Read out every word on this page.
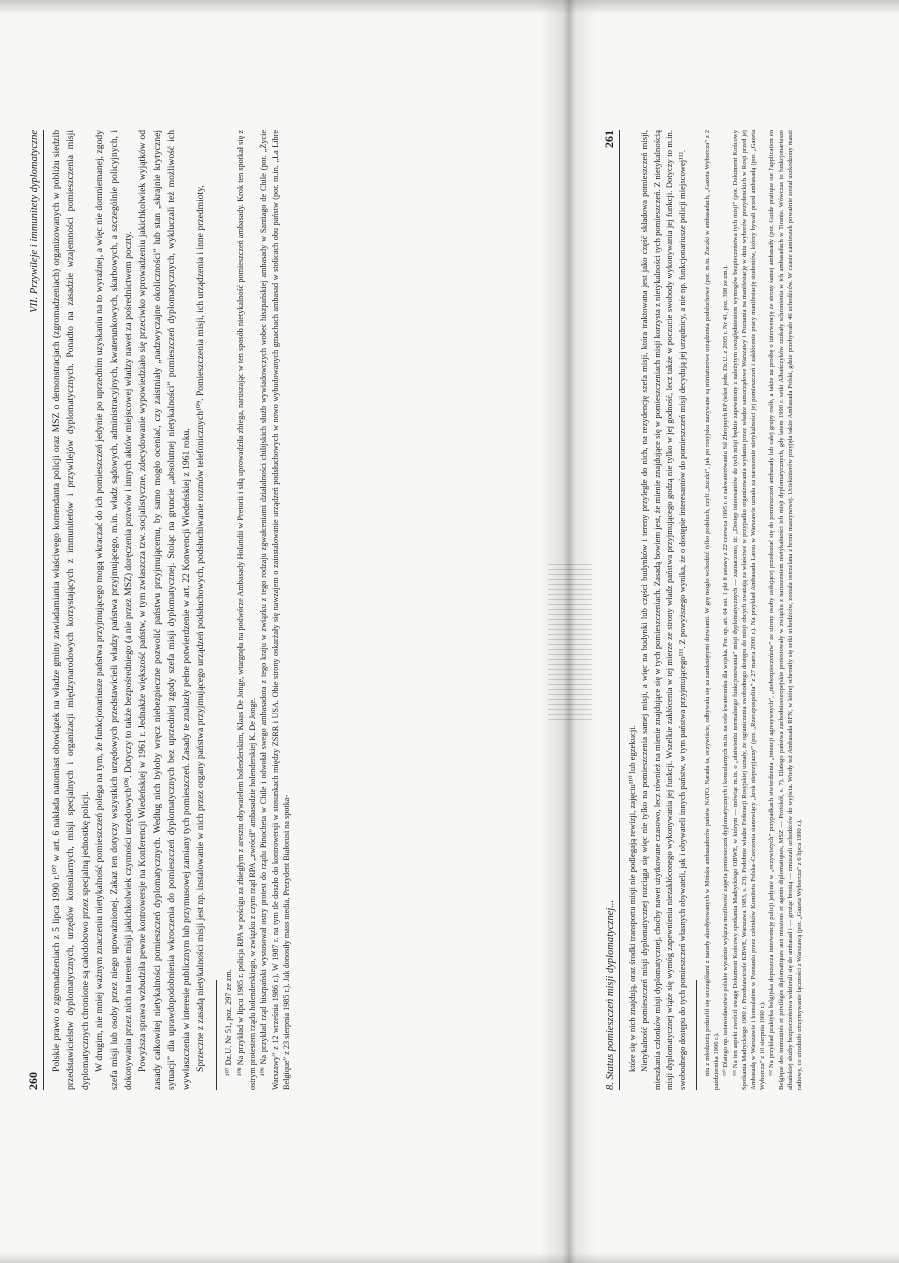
260
VII. Przywileje i immunitety dyplomatyczne Polskie prawo o zgromadzeniach z 5 lipca 1990 r.¹⁰⁷ w art. 6 nakłada natomiast obowiązek na władze gminy zawiadamiania właściwego komendanta policji oraz MSZ o demonstracjach (zgromadzeniach) organizowanych w pobliżu siedzib przedstawicielstw dyplomatycznych, urzędów konsularnych, misji specjalnych i organizacji międzynarodowych korzystających z immunitetów i przywilejów dyplomatycznych. Ponadto na zasadzie wzajemności pomieszczenia misji dyplomatycznych chronione są całodobowo przez specjalną jednostkę policji. W drugim, nie mniej ważnym znaczeniu nietykalność pomieszczeń polega na tym, że funkcjonariusze państwa przyjmującego mogą wkraczać do ich pomieszczeń jedynie po uprzednim uzyskaniu na to wyraźnej, a więc nie domniemanej, zgody szefa misji lub osoby przez niego upoważnionej. Zakaz ten dotyczy wszystkich urzędowych przedstawicieli władzy państwa przyjmującego, m.in. władz sądowych, administracyjnych, kwaterunkowych, skarbowych, a szczególnie policyjnych, i dokonywania przez nich na terenie misji jakichkolwiek czynności urzędowych¹⁰⁸. Dotyczy to także bezpośredniego (a nie przez MSZ) doręczenia pozwów i innych aktów miejscowej władzy nawet za pośrednictwem poczty. Powyższa sprawa wzbudziła pewne kontrowersje na Konferencji Wiedeńskiej w 1961 r. Jednakże większość państw, w tym zwłaszcza tzw. socjalistyczne, zdecydowanie wypowiedziało się przeciwko wprowadzeniu jakichkolwiek wyjątków od zasady całkowitej nietykalności pomieszczeń dyplomatycznych. Według nich byłoby wręcz niebezpieczne pozwolić państwu przyjmującemu, by samo mogło oceniać, czy zaistniały „nadzwyczajne okoliczności” lub stan „skrajnie krytycznej sytuacji” dla uprawdopodobnienia wkroczenia do pomieszczeń dyplomatycznych bez uprzedniej zgody szefa misji dyplomatycznej. Stoiąc na gruncie „absolutnej nietykalności” pomieszczeń dyplomatycznych, wykluczali też możliwość ich wywłaszczenia w interesie publicznym lub przymusowej zamiany tych pomieszczeń. Zasady te znalazły pełne potwierdzenie w art. 22 Konwencji Wiedeńskiej z 1961 roku. Sprzeczne z zasadą nietykalności misji jest np. instalowanie w nich przez organy państwa przyjmującego urządzeń podsłuchowych, podsłuchiwanie rozmów telefonicznych¹⁰⁹. Pomieszczenia misji, ich urządzenia i inne przedmioty, ¹⁰⁷ Dz.U. Nr 51, poz. 297 ze zm. ¹⁰⁸ Na przykład w lipcu 1985 r. policja RPA w pościgu za zbiegłym z aresztu obywatelem holenderskim, Klaas De Jonge, wtargnęła na podwórze Ambasady Holandii w Pretorii i siłą uprowadziła zbiega, naruszając w ten sposób nietykalność pomieszczeń ambasady. Krok ten spotkał się z ostrym protestem rządu holenderskiego, w związku z czym rząd RPA „zwrócił” ambasadzie holenderskiej K. De Jonge. ¹⁰⁹ Na przykład rząd hiszpański wystosował ostry protest do rządu Pinocheta w Chile i odwołał swego ambasadora z tego kraju w związku z tego rodzaju zgwałceniami działalności chilijskich służb wywiadowczych wobec hiszpańskiej ambasady w Santiago de Chile (por. „Życie Warszawy” z 12 września 1986 r.). W 1987 r. na tym tle doszło do kontrowersji w stosunkach między ZSRR i USA. Obie strony oskarżały się nawzajem o zainstalowanie urządzeń podsłuchowych w nowo wybudowanych gmachach ambasad w stolicach obu państw (por. m.in. „La Libre Belgique” z 23 sierpnia 1985 r.). Jak donosiły mass media, Prezydent Białorusi na spotka-	8. Status pomieszczeń misji dyplomatycznej...
261

które się w nich znajdują, oraz środki transportu misji nie podlegają rewizji, zajęciu¹¹⁰ lub egzekucji. Nietykalność pomieszczeń misji dyplomatycznej rozciąga się więc nie tylko na pomieszczenia samej misji, a więc na budynki lub części budynków i tereny przyległe do nich, na rezydencję szefa misji, która traktowana jest jako część składowa pomieszczeń misji, mieszkania członków misji dyplomatycznej, choćby nawet użytkowane czasowo, lecz również na mienie znajdujące się w tych pomieszczeniach. Zasadą bowiem jest, że mienie znajdujące się w pomieszczeniach misji korzysta z nietykalności tych pomieszczeń. Z nietykalnością misji dyplomatycznej wiąże się wymóg zapewnienia niezakłóconego wykonywania jej funkcji. Wszelkie zakłócenia w tej mierze ze strony władz państwa przyjmującego godzą nie tylko w jej godność, lecz także w poczucie swobody wykonywania jej funkcji. Dotyczy to m.in. swobodnego dostępu do tych pomieszczeń własnych obywateli, jak i obywateli innych państw, w tym państwa przyjmującego¹¹¹. Z powyższego wynika, że o dostępie interesantów do pomieszczeń misji decydują jej urzędnicy, a nie np. funkcjonariusze policji miejscowej¹¹².	niu z młodzieżą podzielił się szczegółami z narady akredytowanych w Mińsku ambasadorów państw NATO. Narada ta, oczywiście, odbywała się za zamkniętymi drzwiami. W grę mogło wchodzić tylko podsłuch, czyli „żuczki”, jak po rosyjsku nazywane są miniaturowe urządzenia podsłuchowe (por. m.in. Żuczki w ambasadach, „Gazeta Wyborcza” z 2 października 1996 r.). ¹¹⁰ Dlatego np. ustawodawstwo polskie wyraźnie wyłącza możliwość zajęcia pomieszczeń dyplomatycznych i konsularnych m.in. na cele kwaterunku dla wojska. Por. np. art. 64 ust. 1 pkt 8 ustawy z 22 czerwca 1995 r. o zakwaterowaniu Sił Zbrojnych RP (tekst jedn. Dz.U. z 2005 r. Nr 41, poz. 398 ze zm.). ¹¹¹ Na ten aspekt zwrócił uwagę Dokument Końcowy spotkania Madryckiego OBWE, w którym — mówiąc m.in. o „ułatwieniu normalnego funkcjonowania” misji dyplomatycznych — zaznaczono, iż: „Dostęp interesantów do tych misji będzie zapewniony z należytym uwzględnieniem wymogów bezpieczeństwa tych misji” (por. Dokument Końcowy Spotkania Madryckiego 1980 r. Przedstawiciele KBWE, Warszawa 1983, s. 23). Podobnie władze Federacji Rosyjskiej uznały, że ograniczenia swobodnego dostępu do misji obcych uważają za właściwe w przypadku organizowania wydania przez władze samorządowe Warszawy i Poznania na manifestację w dniu wyborów prezydenckich w Rosji przed jej Ambasadą w Warszawie i konsulatem w Poznaniu przez członków Komitetu Polska–Czeczenia stanowiący „krok nieprzyjazny” (por. „Rzeczpospolita” z 27 marca 2000 r.). Na przykład Ambasada Laosu w Warszawie uznała za naruszenie nietykalności jej pomieszczeń i zakłócenie pracy manifestację studentów, którzy bywali przed ambasadą (por. „Gazeta Wyborcza” z 10 sierpnia 1990 r.). ¹¹² Na przykład praktyka belgijska dopuszcza interwencję policji jedynie w „oczywistych” przypadkach stwierdzenia „intencji agresywnych”, „niebezpieczeństw” ze strony osoby usiłującej przedostać się do pomieszczeń ambasady lub całej grupy osób, a także na prośbę o interwencję ze strony samej ambasady (por. Guide pratique sur l'application en Belgique des immunités et privilèges diplomatiques aux missions et agents diplomatiques, MSZ — Protokół, s. 7). Dlatego państwa zachodnioeuropejskie protestowały w związku z naruszeniem nietykalności ich misji dyplomatycznych, gdy latem 1990 r. setki Albańczyków szukały schronienia w ich ambasadach w Tiranie. Wówczas to funkcjonariusze albańskiej służby bezpieczeństwa wdzierali się do ambasad i — grożąc bronią — zmuszali uchodźców do wyjścia. Wiedy też Ambasada RFN, w której schroniły się setki uchodźców, została ostrzelana z broni maszynowej. Uciekinierów przyjęła także Ambasada Polski, gdzie przebywało 46 uchodźców. W czasie zamieszek poważnie został uszkodzony maszt radiowy, co utrudniło utrzymywanie łączności z Warszawą (por. „Gazeta Wyborcza” z 6 lipca 1990 r.).
